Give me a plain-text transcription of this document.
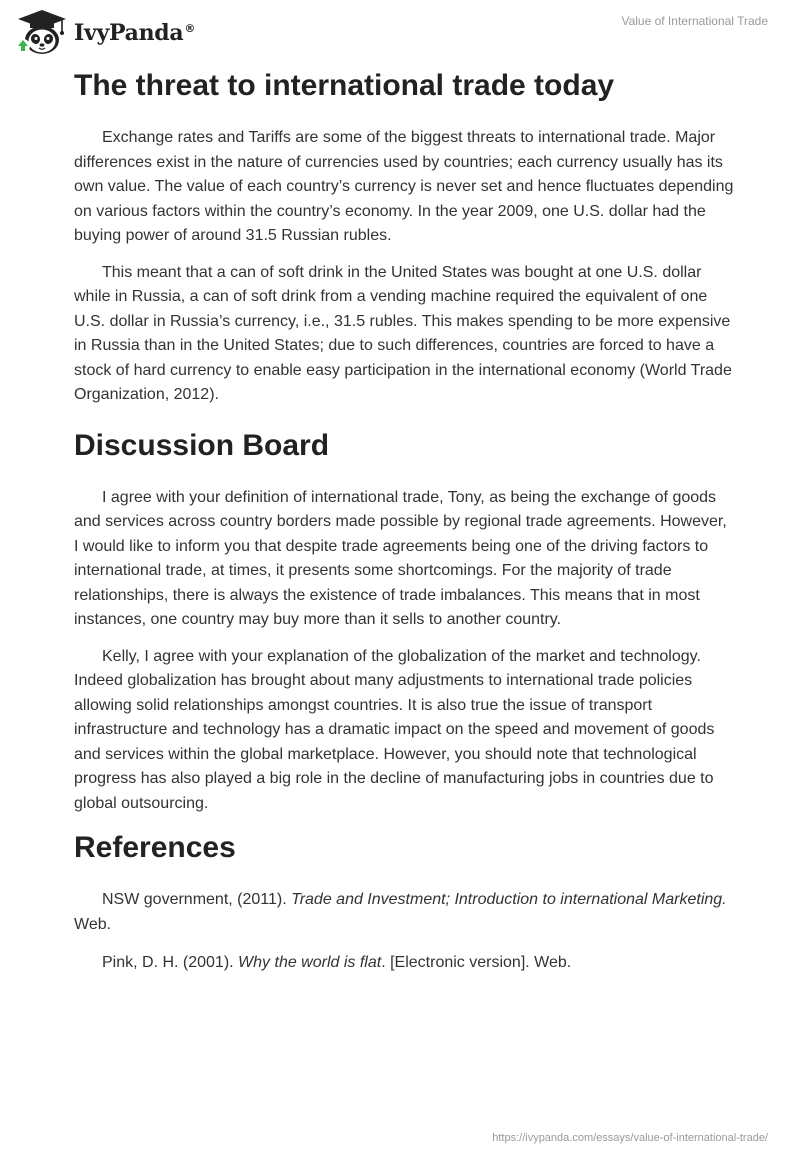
IvyPanda®
Value of International Trade
The threat to international trade today

Exchange rates and Tariffs are some of the biggest threats to international trade. Major differences exist in the nature of currencies used by countries; each currency usually has its own value. The value of each country’s currency is never set and hence fluctuates depending on various factors within the country’s economy. In the year 2009, one U.S. dollar had the buying power of around 31.5 Russian rubles.

This meant that a can of soft drink in the United States was bought at one U.S. dollar while in Russia, a can of soft drink from a vending machine required the equivalent of one U.S. dollar in Russia’s currency, i.e., 31.5 rubles. This makes spending to be more expensive in Russia than in the United States; due to such differences, countries are forced to have a stock of hard currency to enable easy participation in the international economy (World Trade Organization, 2012).

Discussion Board

I agree with your definition of international trade, Tony, as being the exchange of goods and services across country borders made possible by regional trade agreements. However, I would like to inform you that despite trade agreements being one of the driving factors to international trade, at times, it presents some shortcomings. For the majority of trade relationships, there is always the existence of trade imbalances. This means that in most instances, one country may buy more than it sells to another country.

Kelly, I agree with your explanation of the globalization of the market and technology. Indeed globalization has brought about many adjustments to international trade policies allowing solid relationships amongst countries. It is also true the issue of transport infrastructure and technology has a dramatic impact on the speed and movement of goods and services within the global marketplace. However, you should note that technological progress has also played a big role in the decline of manufacturing jobs in countries due to global outsourcing.

References

NSW government, (2011). Trade and Investment; Introduction to international Marketing. Web.

Pink, D. H. (2001). Why the world is flat. [Electronic version]. Web.

https://ivypanda.com/essays/value-of-international-trade/
